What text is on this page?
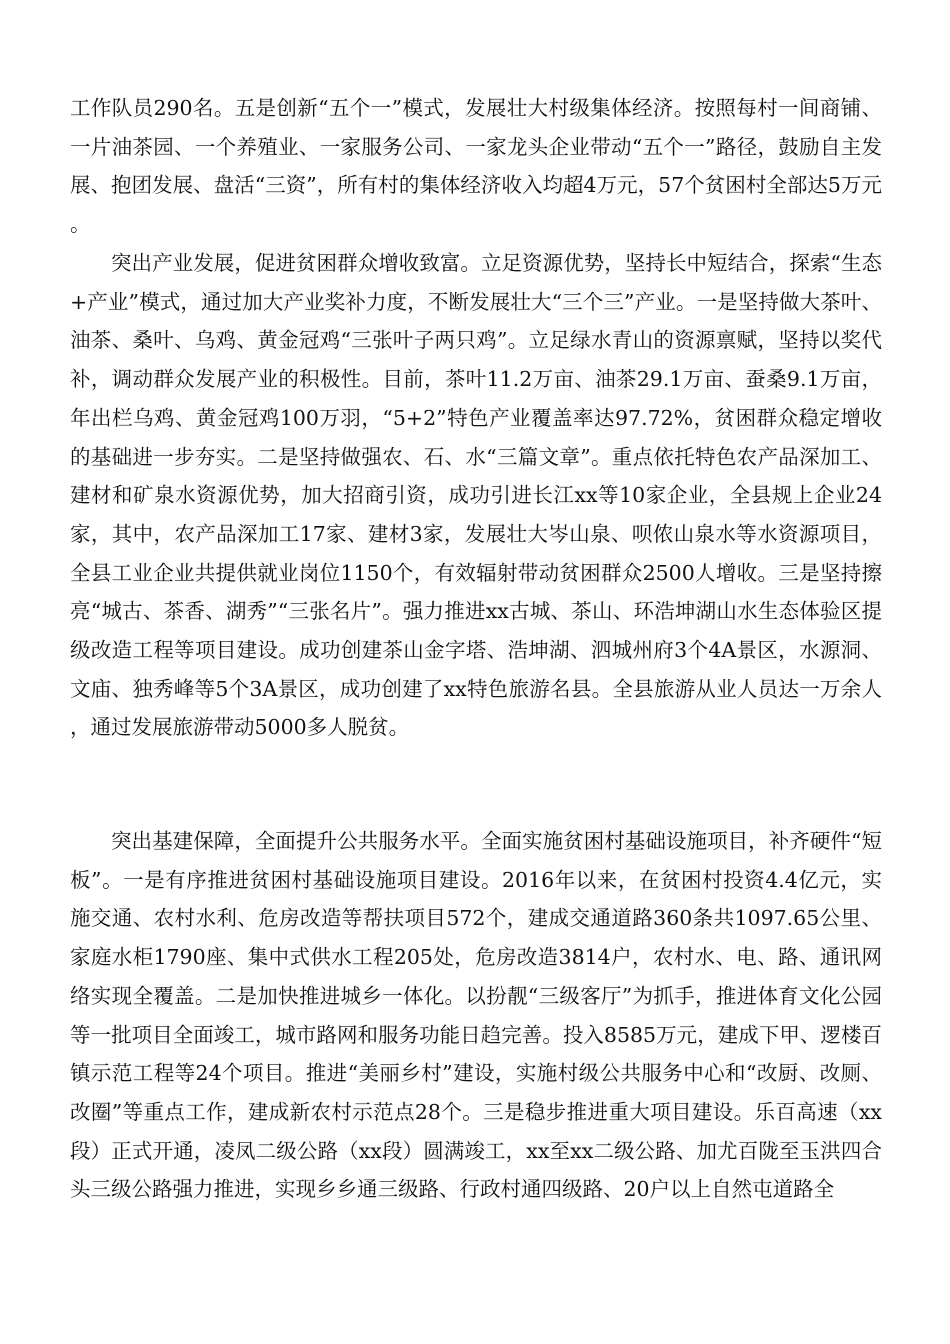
工作队员290名。五是创新“五个一”模式，发展壮大村级集体经济。按照每村一间商铺、一片油茶园、一个养殖业、一家服务公司、一家龙头企业带动“五个一”路径，鼓励自主发展、抱团发展、盘活“三资”，所有村的集体经济收入均超4万元，57个贫困村全部达5万元。

突出产业发展，促进贫困群众增收致富。立足资源优势，坚持长中短结合，探索“生态+产业”模式，通过加大产业奖补力度，不断发展壮大“三个三”产业。一是坚持做大茶叶、油茶、桑叶、乌鸡、黄金冠鸡“三张叶子两只鸡”。立足绿水青山的资源禀赋，坚持以奖代补，调动群众发展产业的积极性。目前，茶叶11.2万亩、油茶29.1万亩、蚕桑9.1万亩，年出栏乌鸡、黄金冠鸡100万羽，“5+2”特色产业覆盖率达97.72%，贫困群众稳定增收的基础进一步夯实。二是坚持做强农、石、水“三篇文章”。重点依托特色农产品深加工、建材和矿泉水资源优势，加大招商引资，成功引进长江xx等10家企业，全县规上企业24家，其中，农产品深加工17家、建材3家，发展壮大岑山泉、呗侬山泉水等水资源项目，全县工业企业共提供就业岗位1150个，有效辐射带动贫困群众2500人增收。三是坚持擦亮“城古、茶香、湖秀”“三张名片”。强力推进xx古城、茶山、环浩坤湖山水生态体验区提级改造工程等项目建设。成功创建茶山金字塔、浩坤湖、泗城州府3个4A景区，水源洞、文庙、独秀峰等5个3A景区，成功创建了xx特色旅游名县。全县旅游从业人员达一万余人，通过发展旅游带动5000多人脱贫。

突出基建保障，全面提升公共服务水平。全面实施贫困村基础设施项目，补齐硬件“短板”。一是有序推进贫困村基础设施项目建设。2016年以来，在贫困村投资4.4亿元，实施交通、农村水利、危房改造等帮扶项目572个，建成交通道路360条共1097.65公里、家庭水柜1790座、集中式供水工程205处，危房改造3814户，农村水、电、路、通讯网络实现全覆盖。二是加快推进城乡一体化。以扮靓“三级客厅”为抓手，推进体育文化公园等一批项目全面竣工，城市路网和服务功能日趋完善。投入8585万元，建成下甲、逻楼百镇示范工程等24个项目。推进“美丽乡村”建设，实施村级公共服务中心和“改厨、改厕、改圈”等重点工作，建成新农村示范点28个。三是稳步推进重大项目建设。乐百高速（xx段）正式开通，凌凤二级公路（xx段）圆满竣工，xx至xx二级公路、加尤百陇至玉洪四合头三级公路强力推进，实现乡乡通三级路、行政村通四级路、20户以上自然屯道路全
